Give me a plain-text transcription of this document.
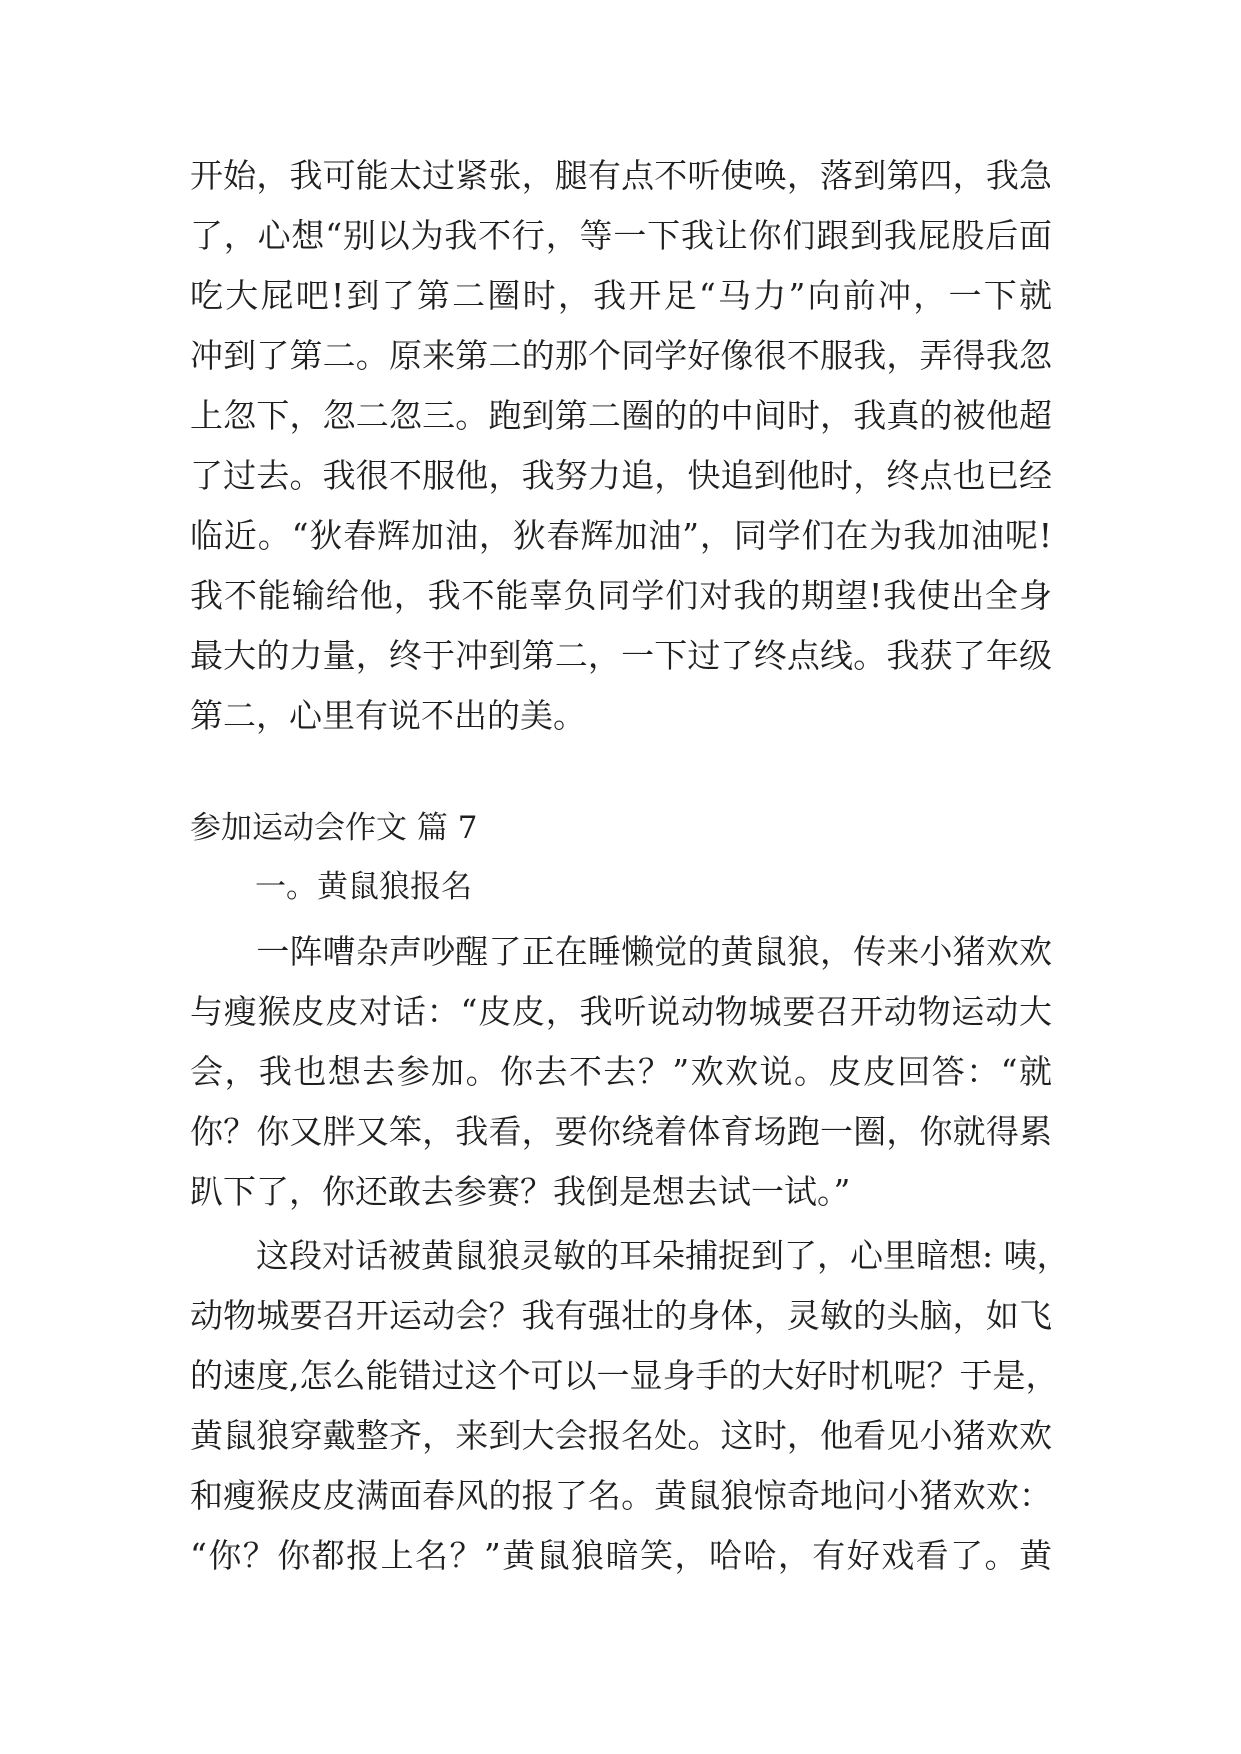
开始，我可能太过紧张，腿有点不听使唤，落到第四，我急
了，心想“别以为我不行，等一下我让你们跟到我屁股后面
吃大屁吧!到了第二圈时，我开足“马力”向前冲，一下就
冲到了第二。原来第二的那个同学好像很不服我，弄得我忽
上忽下，忽二忽三。跑到第二圈的的中间时，我真的被他超
了过去。我很不服他，我努力追，快追到他时，终点也已经
临近。“狄春辉加油，狄春辉加油”，同学们在为我加油呢!
我不能输给他，我不能辜负同学们对我的期望!我使出全身
最大的力量，终于冲到第二，一下过了终点线。我获了年级
第二，心里有说不出的美。
参加运动会作文 篇 7
一。黄鼠狼报名
　　一阵嘈杂声吵醒了正在睡懒觉的黄鼠狼，传来小猪欢欢
与瘦猴皮皮对话：“皮皮，我听说动物城要召开动物运动大
会，我也想去参加。你去不去？”欢欢说。皮皮回答：“就
你？你又胖又笨，我看，要你绕着体育场跑一圈，你就得累
趴下了，你还敢去参赛？我倒是想去试一试。”
　　这段对话被黄鼠狼灵敏的耳朵捕捉到了，心里暗想: 咦，
动物城要召开运动会？我有强壮的身体，灵敏的头脑，如飞
的速度,怎么能错过这个可以一显身手的大好时机呢？于是，
黄鼠狼穿戴整齐，来到大会报名处。这时，他看见小猪欢欢
和瘦猴皮皮满面春风的报了名。黄鼠狼惊奇地问小猪欢欢：
“你？你都报上名？”黄鼠狼暗笑，哈哈，有好戏看了。黄
